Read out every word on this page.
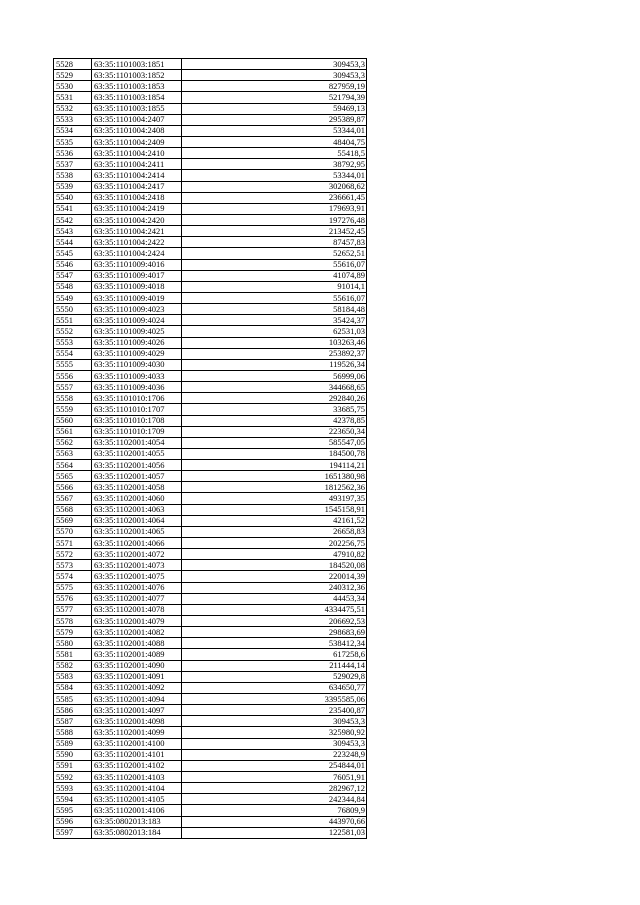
5528	63:35:1101003:1851	309453,3
5529	63:35:1101003:1852	309453,3
5530	63:35:1101003:1853	827959,19
5531	63:35:1101003:1854	521794,39
5532	63:35:1101003:1855	59469,13
5533	63:35:1101004:2407	295389,87
5534	63:35:1101004:2408	53344,01
5535	63:35:1101004:2409	48404,75
5536	63:35:1101004:2410	55418,5
5537	63:35:1101004:2411	38792,95
5538	63:35:1101004:2414	53344,01
5539	63:35:1101004:2417	302068,62
5540	63:35:1101004:2418	236661,45
5541	63:35:1101004:2419	179693,91
5542	63:35:1101004:2420	197276,48
5543	63:35:1101004:2421	213452,45
5544	63:35:1101004:2422	87457,83
5545	63:35:1101004:2424	52652,51
5546	63:35:1101009:4016	55616,07
5547	63:35:1101009:4017	41074,89
5548	63:35:1101009:4018	91014,1
5549	63:35:1101009:4019	55616,07
5550	63:35:1101009:4023	58184,48
5551	63:35:1101009:4024	35424,37
5552	63:35:1101009:4025	62531,03
5553	63:35:1101009:4026	103263,46
5554	63:35:1101009:4029	253892,37
5555	63:35:1101009:4030	119526,34
5556	63:35:1101009:4033	56999,06
5557	63:35:1101009:4036	344668,65
5558	63:35:1101010:1706	292840,26
5559	63:35:1101010:1707	33685,75
5560	63:35:1101010:1708	42378,85
5561	63:35:1101010:1709	223650,34
5562	63:35:1102001:4054	585547,05
5563	63:35:1102001:4055	184500,78
5564	63:35:1102001:4056	194114,21
5565	63:35:1102001:4057	1651380,98
5566	63:35:1102001:4058	1812562,36
5567	63:35:1102001:4060	493197,35
5568	63:35:1102001:4063	1545158,91
5569	63:35:1102001:4064	42161,52
5570	63:35:1102001:4065	26658,83
5571	63:35:1102001:4066	202256,75
5572	63:35:1102001:4072	47910,82
5573	63:35:1102001:4073	184520,08
5574	63:35:1102001:4075	220014,39
5575	63:35:1102001:4076	240312,36
5576	63:35:1102001:4077	44453,34
5577	63:35:1102001:4078	4334475,51
5578	63:35:1102001:4079	206692,53
5579	63:35:1102001:4082	298683,69
5580	63:35:1102001:4088	538412,34
5581	63:35:1102001:4089	617258,6
5582	63:35:1102001:4090	211444,14
5583	63:35:1102001:4091	529029,8
5584	63:35:1102001:4092	634650,77
5585	63:35:1102001:4094	3395585,06
5586	63:35:1102001:4097	235400,87
5587	63:35:1102001:4098	309453,3
5588	63:35:1102001:4099	325980,92
5589	63:35:1102001:4100	309453,3
5590	63:35:1102001:4101	223248,9
5591	63:35:1102001:4102	254844,01
5592	63:35:1102001:4103	76051,91
5593	63:35:1102001:4104	282967,12
5594	63:35:1102001:4105	242344,84
5595	63:35:1102001:4106	76809,9
5596	63:35:0802013:183	443970,66
5597	63:35:0802013:184	122581,03
